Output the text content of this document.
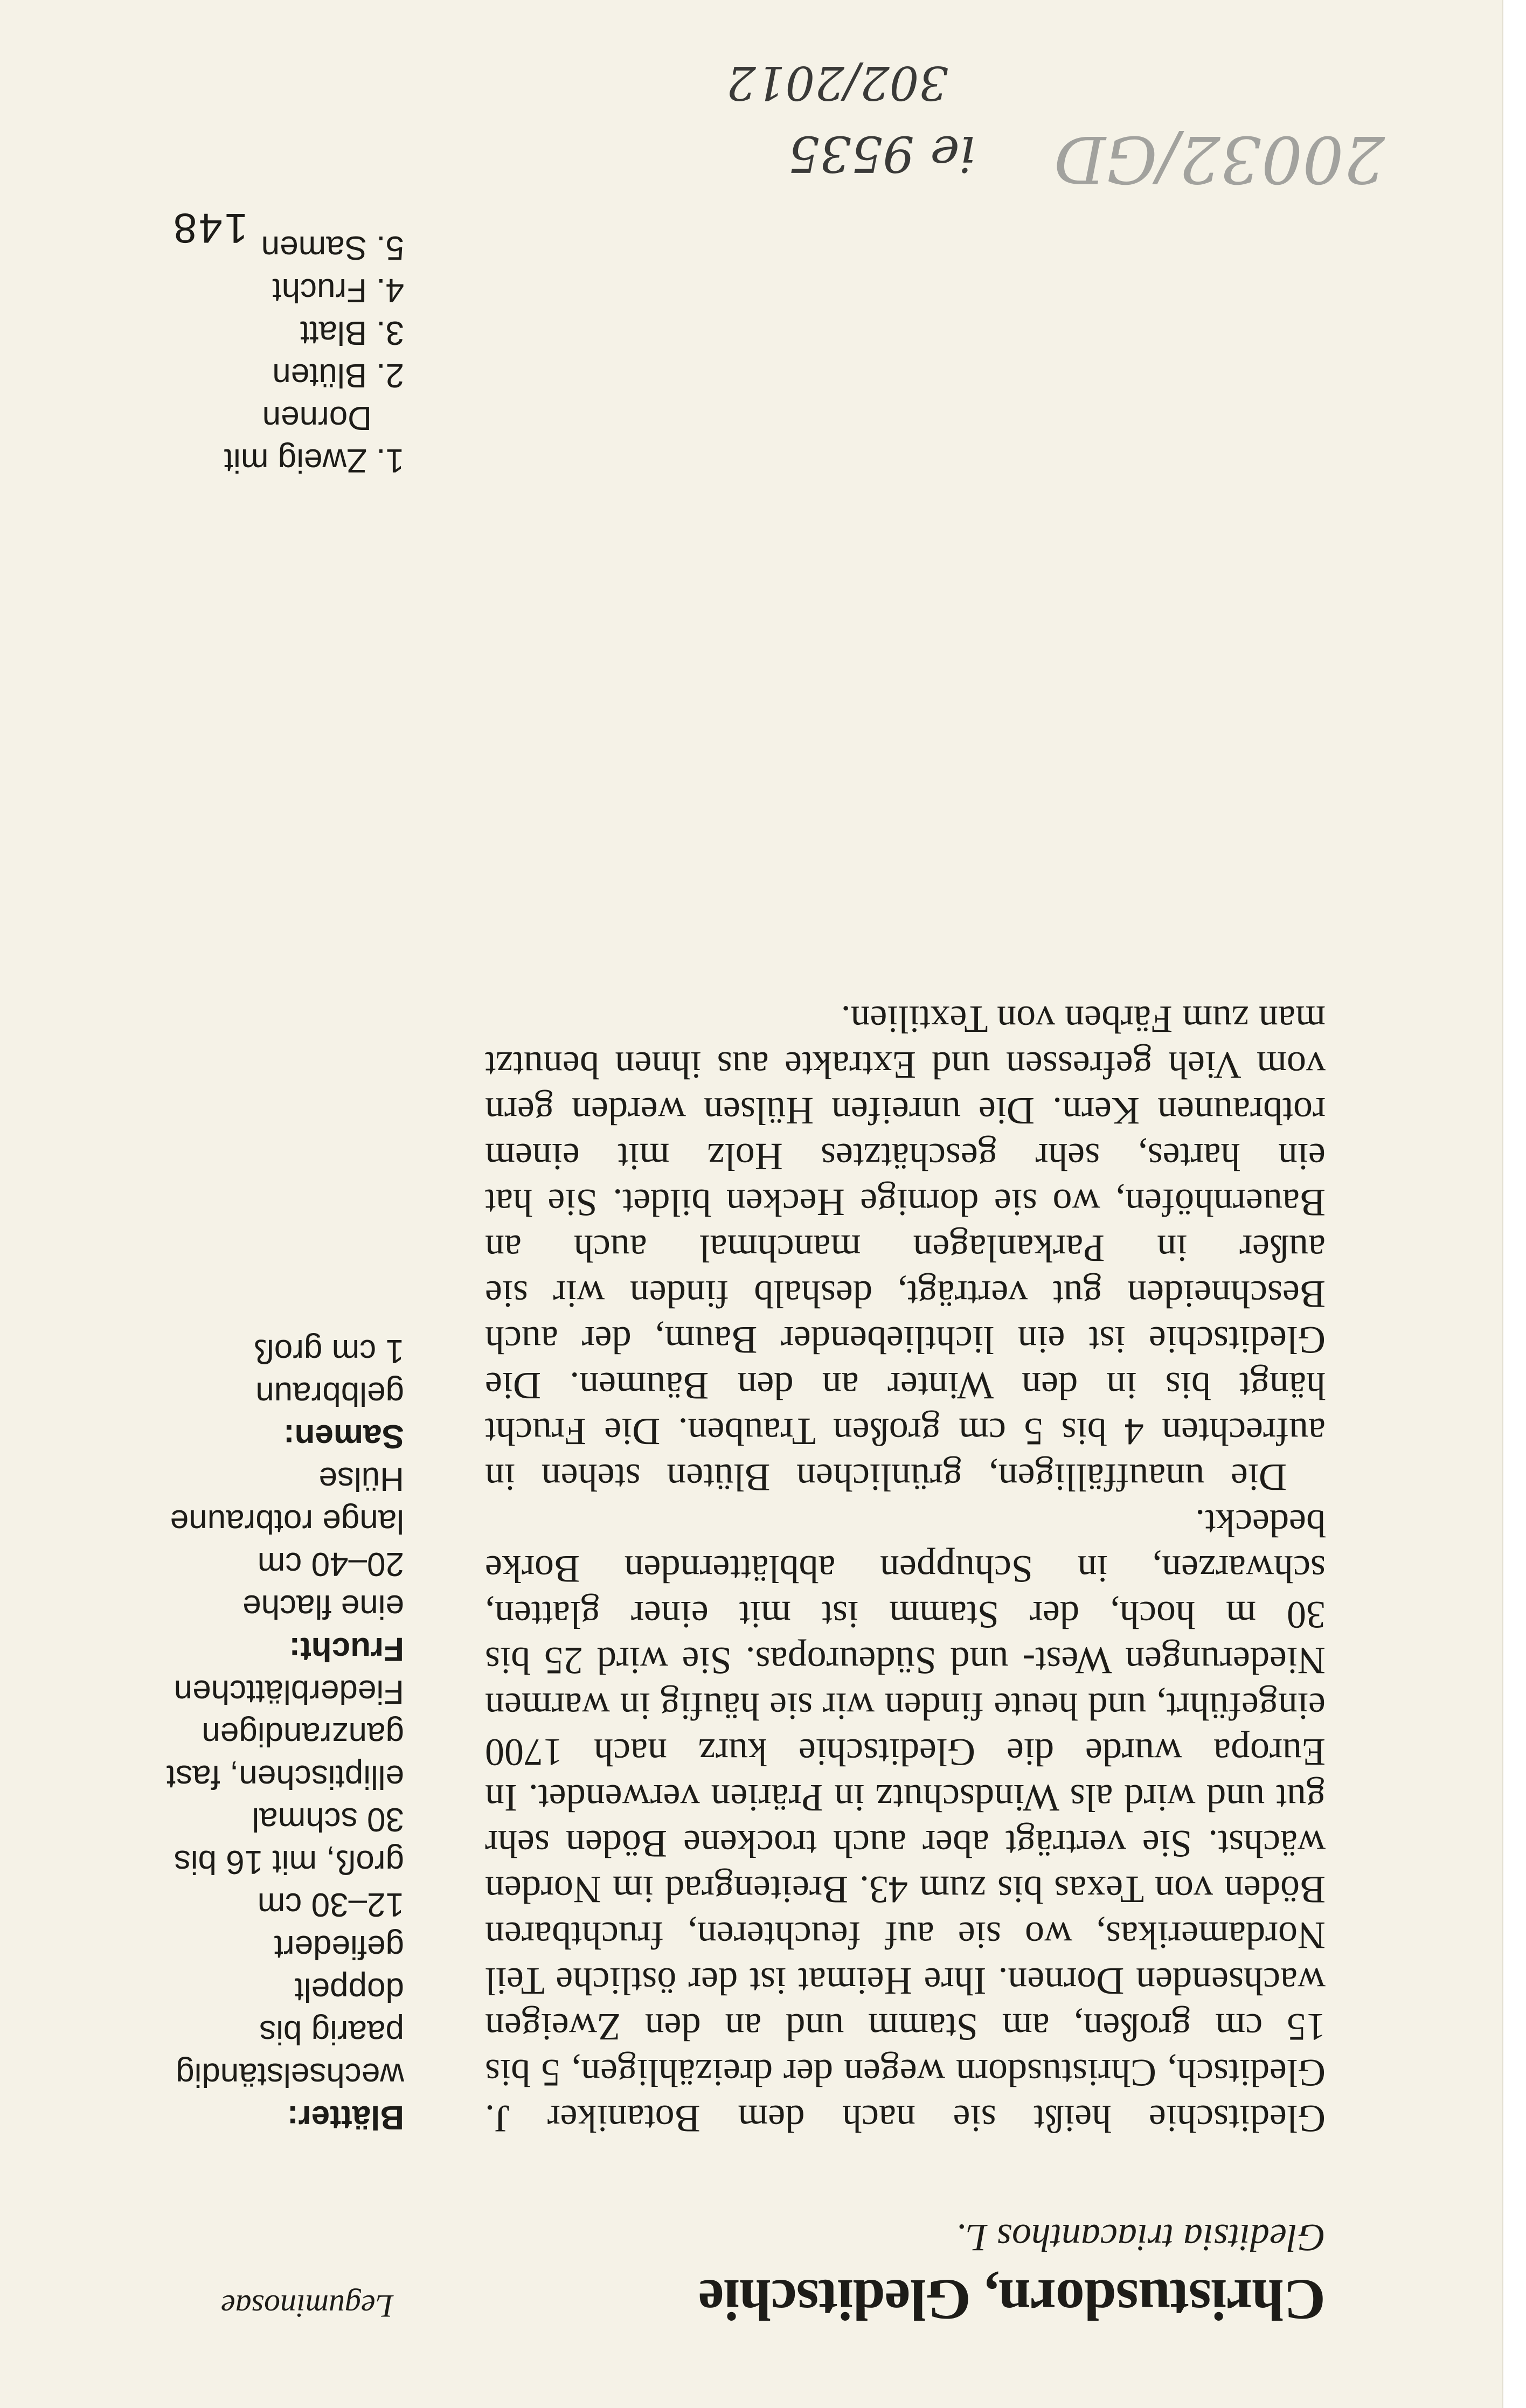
Leguminosae	Christusdorn, Gleditschie
Gleditsia triacanthos L.

Gleditschie heißt sie nach dem Botaniker J. Gleditsch, Christusdorn wegen der dreizähligen, 5 bis 15 cm großen, am Stamm und an den Zweigen wachsenden Dornen. Ihre Heimat ist der östliche Teil Nordamerikas, wo sie auf feuchteren, fruchtbaren Böden von Texas bis zum 43. Breitengrad im Norden wächst. Sie verträgt aber auch trockene Böden sehr gut und wird als Windschutz in Prärien verwendet. In Europa wurde die Gleditschie kurz nach 1700 eingeführt, und heute finden wir sie häufig in warmen Niederungen West- und Südeuropas. Sie wird 25 bis 30 m hoch, der Stamm ist mit einer glatten, schwarzen, in Schuppen abblätternden Borke bedeckt.

Die unauffälligen, grünlichen Blüten stehen in aufrechten 4 bis 5 cm großen Trauben. Die Frucht hängt bis in den Winter an den Bäumen. Die Gleditschie ist ein lichtliebender Baum, der auch Beschneiden gut verträgt, deshalb finden wir sie außer in Parkanlagen manchmal auch an Bauernhöfen, wo sie dornige Hecken bildet. Sie hat ein hartes, sehr geschätztes Holz mit einem rotbraunen Kern. Die unreifen Hülsen werden gern vom Vieh gefressen und Extrakte aus ihnen benutzt man zum Färben von Textilien.

Blätter:
wechselständig
paarig bis
doppelt
gefiedert
12–30 cm
groß, mit 16 bis
30 schmal
elliptischen, fast
ganzrandigen
Fiederblättchen
Frucht:
eine flache
20–40 cm
lange rotbraune
Hülse
Samen:
gelbbraun
1 cm groß
1. Zweig mit
Dornen
2. Blüten
3. Blatt
4. Frucht
5. Samen
148
20032/GD
ie 9535
302/2012
